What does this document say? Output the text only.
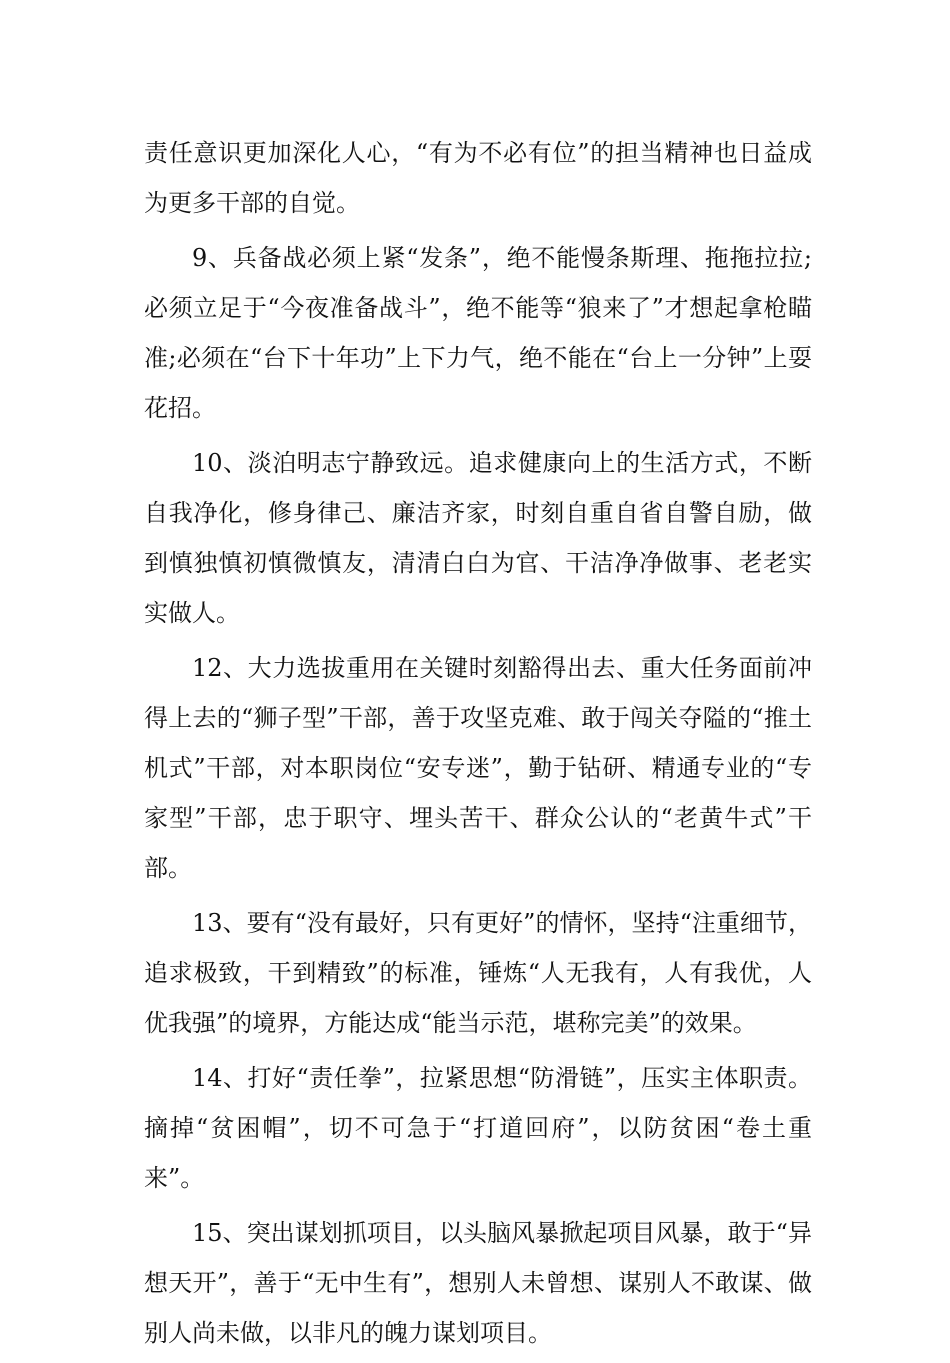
责任意识更加深化人心，“有为不必有位”的担当精神也日益成为更多干部的自觉。

9、兵备战必须上紧“发条”，绝不能慢条斯理、拖拖拉拉;必须立足于“今夜准备战斗”，绝不能等“狼来了”才想起拿枪瞄准;必须在“台下十年功”上下力气，绝不能在“台上一分钟”上耍花招。

10、淡泊明志宁静致远。追求健康向上的生活方式，不断自我净化，修身律己、廉洁齐家，时刻自重自省自警自励，做到慎独慎初慎微慎友，清清白白为官、干洁净净做事、老老实实做人。

12、大力选拔重用在关键时刻豁得出去、重大任务面前冲得上去的“狮子型”干部，善于攻坚克难、敢于闯关夺隘的“推土机式”干部，对本职岗位“安专迷”，勤于钻研、精通专业的“专家型”干部，忠于职守、埋头苦干、群众公认的“老黄牛式”干部。

13、要有“没有最好，只有更好”的情怀，坚持“注重细节，追求极致，干到精致”的标准，锤炼“人无我有，人有我优，人优我强”的境界，方能达成“能当示范，堪称完美”的效果。

14、打好“责任拳”，拉紧思想“防滑链”，压实主体职责。摘掉“贫困帽”，切不可急于“打道回府”，以防贫困“卷土重来”。

15、突出谋划抓项目，以头脑风暴掀起项目风暴，敢于“异想天开”，善于“无中生有”，想别人未曾想、谋别人不敢谋、做别人尚未做，以非凡的魄力谋划项目。
